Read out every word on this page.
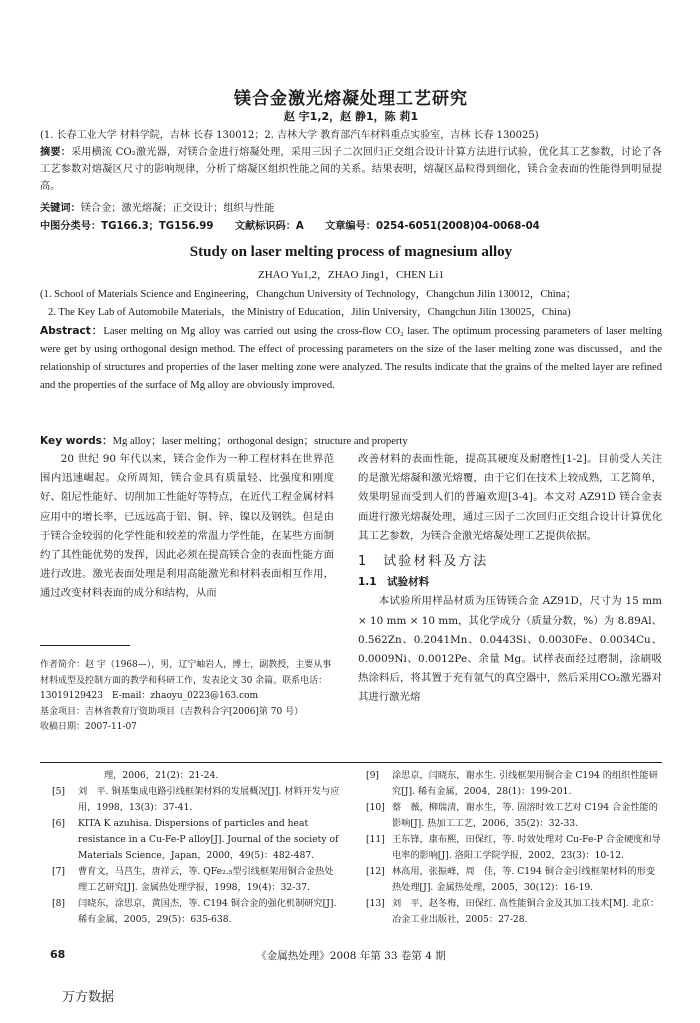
镁合金激光熔凝处理工艺研究
赵 宇1,2，赵 静1，陈 莉1
(1. 长春工业大学 材料学院，吉林 长春 130012；2. 吉林大学 教育部汽车材料重点实验室，吉林 长春 130025)
摘要：采用横流 CO₂激光器，对镁合金进行熔凝处理，采用三因子二次回归正交组合设计计算方法进行试验，优化其工艺参数，讨论了各工艺参数对熔凝区尺寸的影响规律，分析了熔凝区组织性能之间的关系。结果表明，熔凝区晶粒得到细化，镁合金表面的性能得到明显提高。
关键词：镁合金；激光熔凝；正交设计；组织与性能
中图分类号：TG166.3；TG156.99      文献标识码：A      文章编号：0254-6051(2008)04-0068-04
Study on laser melting process of magnesium alloy
ZHAO Yu1,2，ZHAO Jing1，CHEN Li1
(1. School of Materials Science and Engineering，Changchun University of Technology，Changchun Jilin 130012，China；
2. The Key Lab of Automobile Materials，the Ministry of Education，Jilin University，Changchun Jilin 130025，China)
Abstract：Laser melting on Mg alloy was carried out using the cross-flow CO₂ laser. The optimum processing parameters of laser melting were get by using orthogonal design method. The effect of processing parameters on the size of the laser melting zone was discussed，and the relationship of structures and properties of the laser melting zone were analyzed. The results indicate that the grains of the melted layer are refined and the properties of the surface of Mg alloy are obviously improved.
Key words：Mg alloy；laser melting；orthogonal design；structure and property

20 世纪 90 年代以来，镁合金作为一种工程材料在世界范围内迅速崛起。众所周知，镁合金具有质量轻、比强度和刚度好、阻尼性能好、切削加工性能好等特点，在近代工程金属材料应用中的增长率，已远远高于铝、铜、锌、镍以及钢铁。但是由于镁合金较弱的化学性能和较差的常温力学性能，在某些方面制约了其性能优势的发挥，因此必须在提高镁合金的表面性能方面进行改进。激光表面处理是利用高能激光和材料表面相互作用，通过改变材料表面的成分和结构，从而

改善材料的表面性能，提高其硬度及耐磨性[1-2]。目前受人关注的是激光熔凝和激光熔覆，由于它们在技术上较成熟，工艺简单，效果明显而受到人们的普遍欢迎[3-4]。本文对 AZ91D 镁合金表面进行激光熔凝处理，通过三因子二次回归正交组合设计计算优化其工艺参数，为镁合金激光熔凝处理工艺提供依据。

1　试验材料及方法
1.1　试验材料

本试验所用样品材质为压铸镁合金 AZ91D，尺寸为 15 mm × 10 mm × 10 mm，其化学成分（质量分数，%）为 8.89Al、0.562Zn、0.2041Mn、0.0443Si、0.0030Fe、0.0034Cu、0.0009Ni、0.0012Pe、余量 Mg。试样表面经过磨制，涂刷吸热涂料后，将其置于充有氩气的真空器中，然后采用CO₂激光器对其进行激光熔

作者简介：赵 宇（1968—），男，辽宁岫岩人，博士，副教授，主要从事材料成型及控制方面的教学和科研工作，发表论文 30 余篇。联系电话：13019129423　E-mail：zhaoyu_0223@163.com
基金项目：吉林省教育厅资助项目（吉教科合字[2006]第 70 号）
收稿日期：2007-11-07
理，2006，21(2)：21-24.
[5]	刘　平. 铜基集成电路引线框架材料的发展概况[J]. 材料开发与应用，1998，13(3)：37-41.
[6]	KITA K azuhisa. Dispersions of particles and heat resistance in a Cu-Fe-P alloy[J]. Journal of the society of Materials Science，Japan，2000，49(5)：482-487.
[7]	曹育文，马莒生，唐祥云，等. QFe₂.₅型引线框架用铜合金热处理工艺研究[J]. 金属热处理学报，1998，19(4)：32-37.
[8]	闫晓东，涂思京，黄国杰，等. C194 铜合金的强化机制研究[J]. 稀有金属，2005，29(5)：635-638.
[9]	涂思京，闫晓东，谢水生. 引线框架用铜合金 C194 的组织性能研究[J]. 稀有金属，2004，28(1)：199-201.
[10] 蔡　薇，柳瑞清，谢水生，等. 固溶时效工艺对 C194 合金性能的影响[J]. 热加工工艺，2006，35(2)：32-33.
[11] 王东锋，康布熙，田保红，等. 时效处理对 Cu-Fe-P 合金硬度和导电率的影响[J]. 洛阳工学院学报，2002，23(3)：10-12.
[12] 林高用，张振峰，周　佳，等. C194 铜合金引线框架材料的形变热处理[J]. 金属热处理，2005，30(12)：16-19.
[13] 刘　平，赵冬梅，田保红. 高性能铜合金及其加工技术[M]. 北京：冶金工业出版社，2005：27-28.
68	《金属热处理》2008 年第 33 卷第 4 期
万方数据
